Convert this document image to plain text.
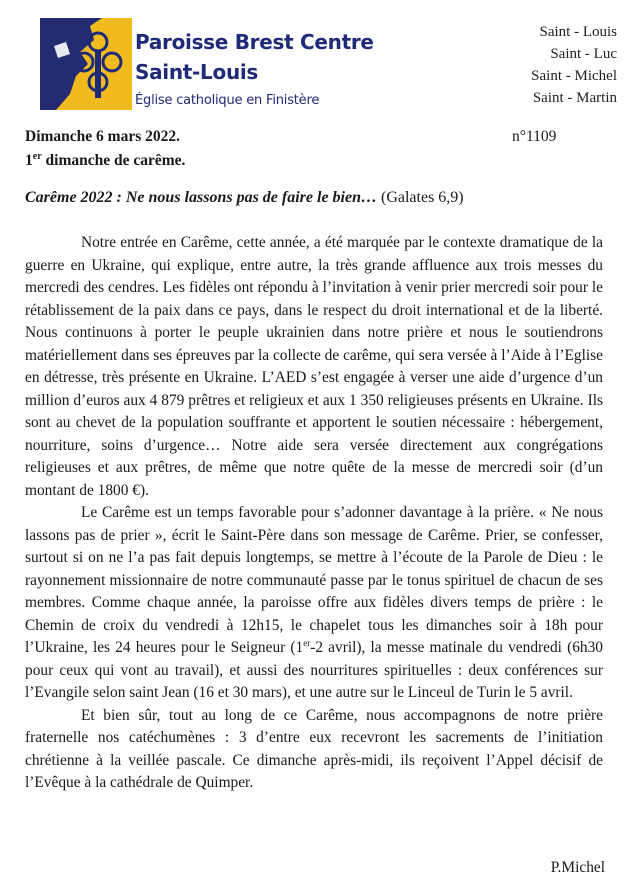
Paroisse Brest Centre
Saint-Louis
Église catholique en Finistère
Saint - Louis
Saint - Luc
Saint - Michel
Saint - Martin
Dimanche 6 mars 2022.
1er dimanche de carême.
n°1109
Carême 2022 : Ne nous lassons pas de faire le bien… (Galates 6,9)

Notre entrée en Carême, cette année, a été marquée par le contexte dramatique de la guerre en Ukraine, qui explique, entre autre, la très grande affluence aux trois messes du mercredi des cendres. Les fidèles ont répondu à l’invitation à venir prier mercredi soir pour le rétablissement de la paix dans ce pays, dans le respect du droit international et de la liberté. Nous continuons à porter le peuple ukrainien dans notre prière et nous le soutiendrons matériellement dans ses épreuves par la collecte de carême, qui sera versée à l’Aide à l’Eglise en détresse, très présente en Ukraine. L’AED s’est engagée à verser une aide d’urgence d’un million d’euros aux 4 879 prêtres et religieux et aux 1 350 religieuses présents en Ukraine. Ils sont au chevet de la population souffrante et apportent le soutien nécessaire : hébergement, nourriture, soins d’urgence… Notre aide sera versée directement aux congrégations religieuses et aux prêtres, de même que notre quête de la messe de mercredi soir (d’un montant de 1800 €).

Le Carême est un temps favorable pour s’adonner davantage à la prière. « Ne nous lassons pas de prier », écrit le Saint-Père dans son message de Carême. Prier, se confesser, surtout si on ne l’a pas fait depuis longtemps, se mettre à l’écoute de la Parole de Dieu : le rayonnement missionnaire de notre communauté passe par le tonus spirituel de chacun de ses membres. Comme chaque année, la paroisse offre aux fidèles divers temps de prière : le Chemin de croix du vendredi à 12h15, le chapelet tous les dimanches soir à 18h pour l’Ukraine, les 24 heures pour le Seigneur (1er-2 avril), la messe matinale du vendredi (6h30 pour ceux qui vont au travail), et aussi des nourritures spirituelles : deux conférences sur l’Evangile selon saint Jean (16 et 30 mars), et une autre sur le Linceul de Turin le 5 avril.

Et bien sûr, tout au long de ce Carême, nous accompagnons de notre prière fraternelle nos catéchumènes : 3 d’entre eux recevront les sacrements de l’initiation chrétienne à la veillée pascale. Ce dimanche après-midi, ils reçoivent l’Appel décisif de l’Evêque à la cathédrale de Quimper.

P.Michel
